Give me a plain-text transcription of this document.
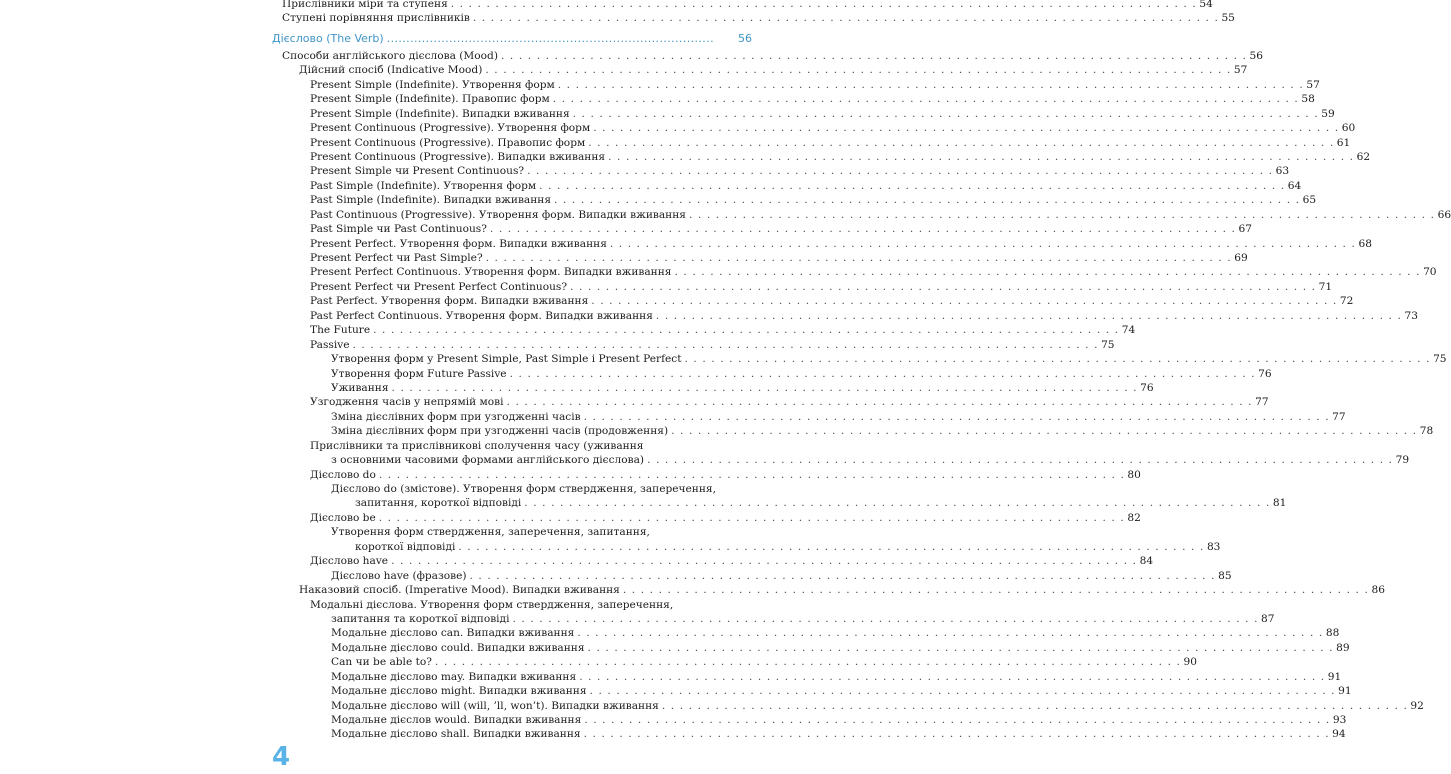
Прислівники міри та ступеня . . . . . . . . . . . . . . . . . . . . . . . . . . . . . . . . . . . . . . . . . . . . . . . . . . . . . . . . . . . . . . . . . . . . . . . . . . . . . . . . . . . . 54
Ступені порівняння прислівників . . . . . . . . . . . . . . . . . . . . . . . . . . . . . . . . . . . . . . . . . . . . . . . . . . . . . . . . . . . . . . . . . . . . . . . . . . . . . . . . . . . . 55
Дієслово (The Verb) ....................................................................................	56
Способи англійського дієслова (Mood) . . . . . . . . . . . . . . . . . . . . . . . . . . . . . . . . . . . . . . . . . . . . . . . . . . . . . . . . . . . . . . . . . . . . . . . . . . . . . . . . . . . . 56
Дійсний спосіб (Indicative Mood) . . . . . . . . . . . . . . . . . . . . . . . . . . . . . . . . . . . . . . . . . . . . . . . . . . . . . . . . . . . . . . . . . . . . . . . . . . . . . . . . . . . . 57
Present Simple (Indefinite). Утворення форм . . . . . . . . . . . . . . . . . . . . . . . . . . . . . . . . . . . . . . . . . . . . . . . . . . . . . . . . . . . . . . . . . . . . . . . . . . . . . . . . . . . . 57
Present Simple (Indefinite). Правопис форм . . . . . . . . . . . . . . . . . . . . . . . . . . . . . . . . . . . . . . . . . . . . . . . . . . . . . . . . . . . . . . . . . . . . . . . . . . . . . . . . . . . . 58
Present Simple (Indefinite). Випадки вживання . . . . . . . . . . . . . . . . . . . . . . . . . . . . . . . . . . . . . . . . . . . . . . . . . . . . . . . . . . . . . . . . . . . . . . . . . . . . . . . . . . . . 59
Present Continuous (Progressive). Утворення форм . . . . . . . . . . . . . . . . . . . . . . . . . . . . . . . . . . . . . . . . . . . . . . . . . . . . . . . . . . . . . . . . . . . . . . . . . . . . . . . . . . . . 60
Present Continuous (Progressive). Правопис форм . . . . . . . . . . . . . . . . . . . . . . . . . . . . . . . . . . . . . . . . . . . . . . . . . . . . . . . . . . . . . . . . . . . . . . . . . . . . . . . . . . . . 61
Present Continuous (Progressive). Випадки вживання . . . . . . . . . . . . . . . . . . . . . . . . . . . . . . . . . . . . . . . . . . . . . . . . . . . . . . . . . . . . . . . . . . . . . . . . . . . . . . . . . . . . 62
Present Simple чи Present Continuous? . . . . . . . . . . . . . . . . . . . . . . . . . . . . . . . . . . . . . . . . . . . . . . . . . . . . . . . . . . . . . . . . . . . . . . . . . . . . . . . . . . . . 63
Past Simple (Indefinite). Утворення форм . . . . . . . . . . . . . . . . . . . . . . . . . . . . . . . . . . . . . . . . . . . . . . . . . . . . . . . . . . . . . . . . . . . . . . . . . . . . . . . . . . . . 64
Past Simple (Indefinite). Випадки вживання . . . . . . . . . . . . . . . . . . . . . . . . . . . . . . . . . . . . . . . . . . . . . . . . . . . . . . . . . . . . . . . . . . . . . . . . . . . . . . . . . . . . 65
Past Continuous (Progressive). Утворення форм. Випадки вживання . . . . . . . . . . . . . . . . . . . . . . . . . . . . . . . . . . . . . . . . . . . . . . . . . . . . . . . . . . . . . . . . . . . . . . . . . . . . . . . . . . . . 66
Past Simple чи Past Continuous? . . . . . . . . . . . . . . . . . . . . . . . . . . . . . . . . . . . . . . . . . . . . . . . . . . . . . . . . . . . . . . . . . . . . . . . . . . . . . . . . . . . . 67
Present Perfect. Утворення форм. Випадки вживання . . . . . . . . . . . . . . . . . . . . . . . . . . . . . . . . . . . . . . . . . . . . . . . . . . . . . . . . . . . . . . . . . . . . . . . . . . . . . . . . . . . . 68
Present Perfect чи Past Simple? . . . . . . . . . . . . . . . . . . . . . . . . . . . . . . . . . . . . . . . . . . . . . . . . . . . . . . . . . . . . . . . . . . . . . . . . . . . . . . . . . . . . 69
Present Perfect Continuous. Утворення форм. Випадки вживання . . . . . . . . . . . . . . . . . . . . . . . . . . . . . . . . . . . . . . . . . . . . . . . . . . . . . . . . . . . . . . . . . . . . . . . . . . . . . . . . . . . . 70
Present Perfect чи Present Perfect Continuous? . . . . . . . . . . . . . . . . . . . . . . . . . . . . . . . . . . . . . . . . . . . . . . . . . . . . . . . . . . . . . . . . . . . . . . . . . . . . . . . . . . . . 71
Past Perfect. Утворення форм. Випадки вживання . . . . . . . . . . . . . . . . . . . . . . . . . . . . . . . . . . . . . . . . . . . . . . . . . . . . . . . . . . . . . . . . . . . . . . . . . . . . . . . . . . . . 72
Past Perfect Continuous. Утворення форм. Випадки вживання . . . . . . . . . . . . . . . . . . . . . . . . . . . . . . . . . . . . . . . . . . . . . . . . . . . . . . . . . . . . . . . . . . . . . . . . . . . . . . . . . . . . 73
The Future . . . . . . . . . . . . . . . . . . . . . . . . . . . . . . . . . . . . . . . . . . . . . . . . . . . . . . . . . . . . . . . . . . . . . . . . . . . . . . . . . . . . 74
Passive . . . . . . . . . . . . . . . . . . . . . . . . . . . . . . . . . . . . . . . . . . . . . . . . . . . . . . . . . . . . . . . . . . . . . . . . . . . . . . . . . . . . 75
Утворення форм у Present Simple, Past Simple і Present Perfect . . . . . . . . . . . . . . . . . . . . . . . . . . . . . . . . . . . . . . . . . . . . . . . . . . . . . . . . . . . . . . . . . . . . . . . . . . . . . . . . . . . . 75
Утворення форм Future Passive . . . . . . . . . . . . . . . . . . . . . . . . . . . . . . . . . . . . . . . . . . . . . . . . . . . . . . . . . . . . . . . . . . . . . . . . . . . . . . . . . . . . 76
Уживання . . . . . . . . . . . . . . . . . . . . . . . . . . . . . . . . . . . . . . . . . . . . . . . . . . . . . . . . . . . . . . . . . . . . . . . . . . . . . . . . . . . . 76
Узгодження часів у непрямій мові . . . . . . . . . . . . . . . . . . . . . . . . . . . . . . . . . . . . . . . . . . . . . . . . . . . . . . . . . . . . . . . . . . . . . . . . . . . . . . . . . . . . 77
Зміна дієслівних форм при узгодженні часів . . . . . . . . . . . . . . . . . . . . . . . . . . . . . . . . . . . . . . . . . . . . . . . . . . . . . . . . . . . . . . . . . . . . . . . . . . . . . . . . . . . . 77
Зміна дієслівних форм при узгодженні часів (продовження) . . . . . . . . . . . . . . . . . . . . . . . . . . . . . . . . . . . . . . . . . . . . . . . . . . . . . . . . . . . . . . . . . . . . . . . . . . . . . . . . . . . . 78
Прислівники та прислівникові сполучення часу (уживання
з основними часовими формами англійського дієслова) . . . . . . . . . . . . . . . . . . . . . . . . . . . . . . . . . . . . . . . . . . . . . . . . . . . . . . . . . . . . . . . . . . . . . . . . . . . . . . . . . . . . 79
Дієслово do . . . . . . . . . . . . . . . . . . . . . . . . . . . . . . . . . . . . . . . . . . . . . . . . . . . . . . . . . . . . . . . . . . . . . . . . . . . . . . . . . . . . 80
Дієслово do (змістове). Утворення форм ствердження, заперечення,
запитання, короткої відповіді . . . . . . . . . . . . . . . . . . . . . . . . . . . . . . . . . . . . . . . . . . . . . . . . . . . . . . . . . . . . . . . . . . . . . . . . . . . . . . . . . . . . 81
Дієслово be . . . . . . . . . . . . . . . . . . . . . . . . . . . . . . . . . . . . . . . . . . . . . . . . . . . . . . . . . . . . . . . . . . . . . . . . . . . . . . . . . . . . 82
Утворення форм ствердження, заперечення, запитання,
короткої відповіді . . . . . . . . . . . . . . . . . . . . . . . . . . . . . . . . . . . . . . . . . . . . . . . . . . . . . . . . . . . . . . . . . . . . . . . . . . . . . . . . . . . . 83
Дієслово have . . . . . . . . . . . . . . . . . . . . . . . . . . . . . . . . . . . . . . . . . . . . . . . . . . . . . . . . . . . . . . . . . . . . . . . . . . . . . . . . . . . . 84
Дієслово have (фразове) . . . . . . . . . . . . . . . . . . . . . . . . . . . . . . . . . . . . . . . . . . . . . . . . . . . . . . . . . . . . . . . . . . . . . . . . . . . . . . . . . . . . 85
Наказовий спосіб. (Imperative Mood). Випадки вживання . . . . . . . . . . . . . . . . . . . . . . . . . . . . . . . . . . . . . . . . . . . . . . . . . . . . . . . . . . . . . . . . . . . . . . . . . . . . . . . . . . . . 86
Модальні дієслова. Утворення форм ствердження, заперечення,
запитання та короткої відповіді . . . . . . . . . . . . . . . . . . . . . . . . . . . . . . . . . . . . . . . . . . . . . . . . . . . . . . . . . . . . . . . . . . . . . . . . . . . . . . . . . . . . 87
Модальне дієслово can. Випадки вживання . . . . . . . . . . . . . . . . . . . . . . . . . . . . . . . . . . . . . . . . . . . . . . . . . . . . . . . . . . . . . . . . . . . . . . . . . . . . . . . . . . . . 88
Модальне дієслово could. Випадки вживання . . . . . . . . . . . . . . . . . . . . . . . . . . . . . . . . . . . . . . . . . . . . . . . . . . . . . . . . . . . . . . . . . . . . . . . . . . . . . . . . . . . . 89
Can чи be able to? . . . . . . . . . . . . . . . . . . . . . . . . . . . . . . . . . . . . . . . . . . . . . . . . . . . . . . . . . . . . . . . . . . . . . . . . . . . . . . . . . . . . 90
Модальне дієслово may. Випадки вживання . . . . . . . . . . . . . . . . . . . . . . . . . . . . . . . . . . . . . . . . . . . . . . . . . . . . . . . . . . . . . . . . . . . . . . . . . . . . . . . . . . . . 91
Модальне дієслово might. Випадки вживання . . . . . . . . . . . . . . . . . . . . . . . . . . . . . . . . . . . . . . . . . . . . . . . . . . . . . . . . . . . . . . . . . . . . . . . . . . . . . . . . . . . . 91
Модальне дієслово will (will, ’ll, won’t). Випадки вживання . . . . . . . . . . . . . . . . . . . . . . . . . . . . . . . . . . . . . . . . . . . . . . . . . . . . . . . . . . . . . . . . . . . . . . . . . . . . . . . . . . . . 92
Модальне дієслов would. Випадки вживання . . . . . . . . . . . . . . . . . . . . . . . . . . . . . . . . . . . . . . . . . . . . . . . . . . . . . . . . . . . . . . . . . . . . . . . . . . . . . . . . . . . . 93
Модальне дієслово shall. Випадки вживання . . . . . . . . . . . . . . . . . . . . . . . . . . . . . . . . . . . . . . . . . . . . . . . . . . . . . . . . . . . . . . . . . . . . . . . . . . . . . . . . . . . . 94
4
